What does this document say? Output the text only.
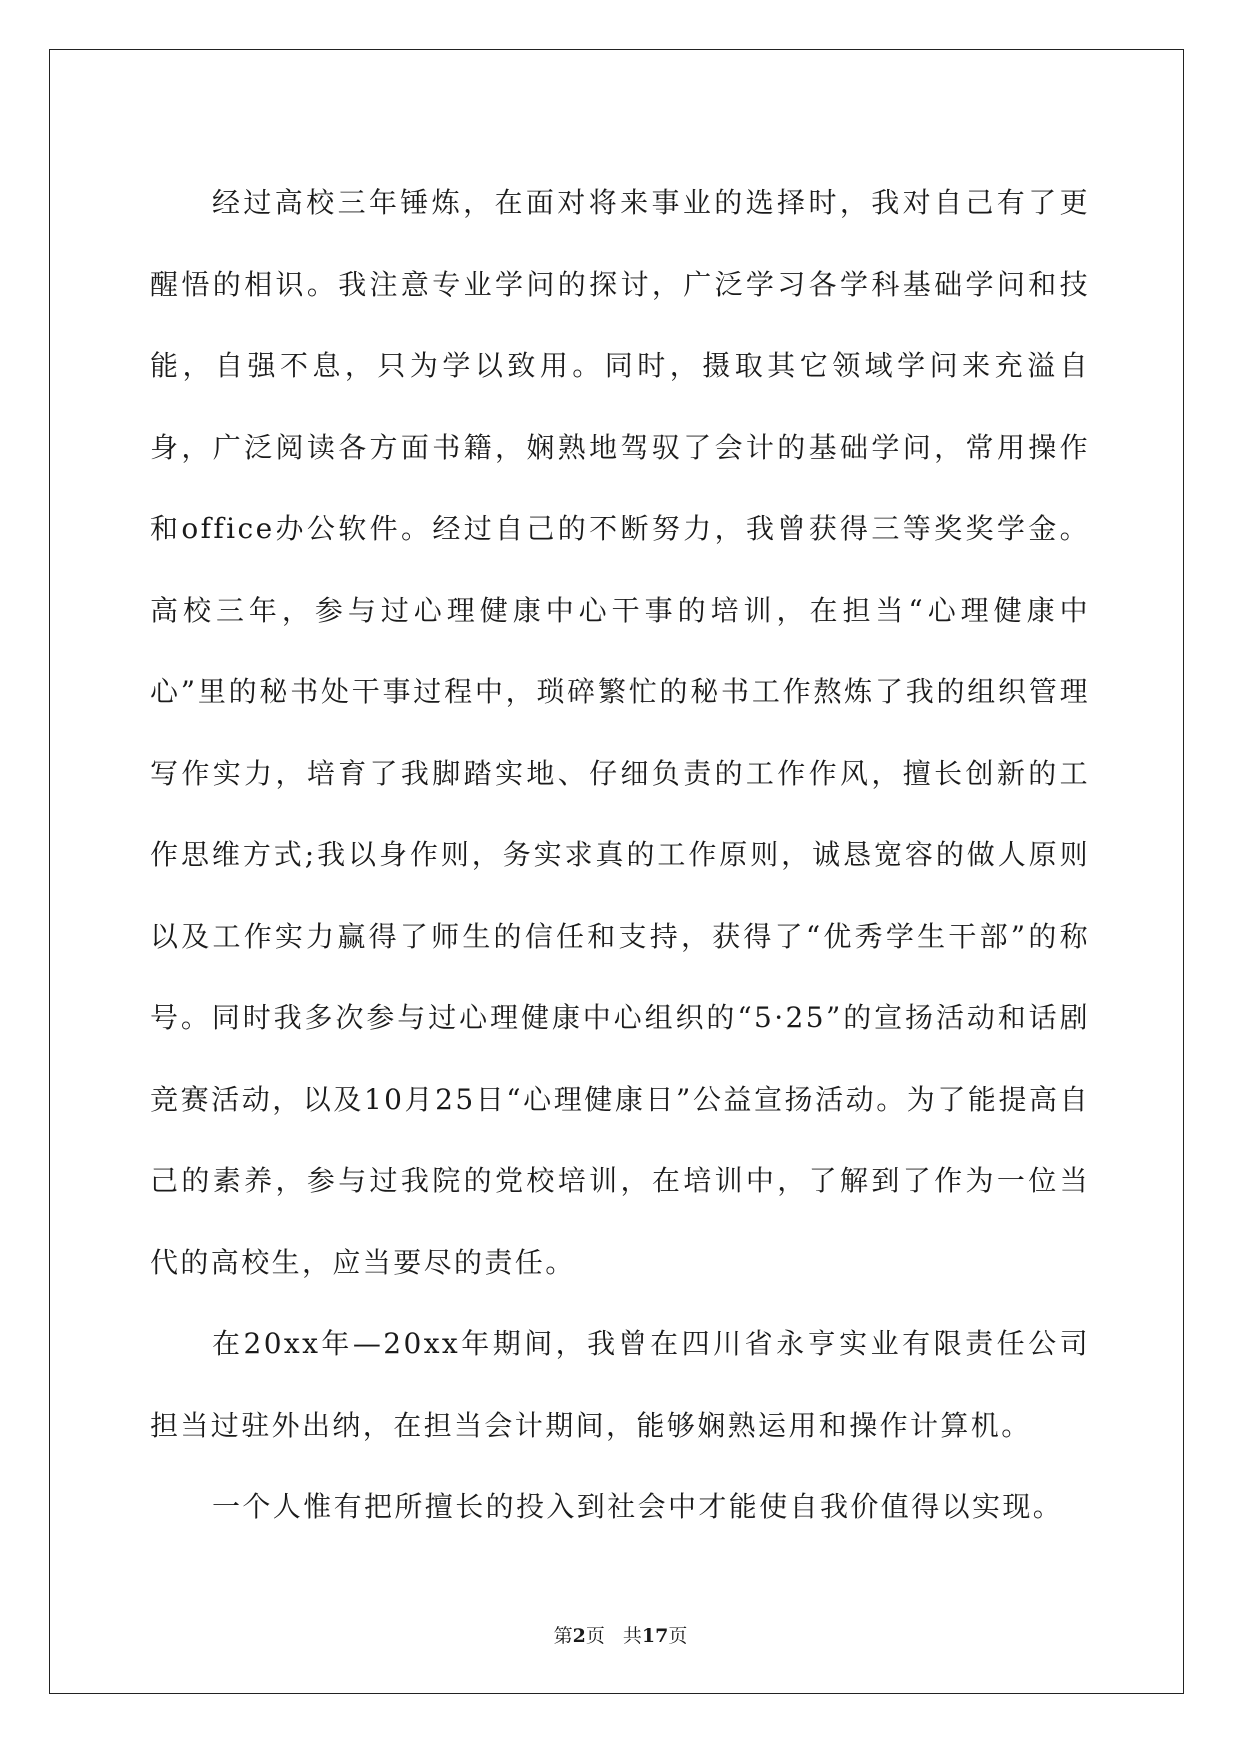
经过高校三年锤炼，在面对将来事业的选择时，我对自己有了更醒悟的相识。我注意专业学问的探讨，广泛学习各学科基础学问和技能，自强不息，只为学以致用。同时，摄取其它领域学问来充溢自身，广泛阅读各方面书籍，娴熟地驾驭了会计的基础学问，常用操作和office办公软件。经过自己的不断努力，我曾获得三等奖奖学金。高校三年，参与过心理健康中心干事的培训，在担当“心理健康中心”里的秘书处干事过程中，琐碎繁忙的秘书工作熬炼了我的组织管理写作实力，培育了我脚踏实地、仔细负责的工作作风，擅长创新的工作思维方式;我以身作则，务实求真的工作原则，诚恳宽容的做人原则以及工作实力赢得了师生的信任和支持，获得了“优秀学生干部”的称号。同时我多次参与过心理健康中心组织的“5·25”的宣扬活动和话剧竞赛活动，以及10月25日“心理健康日”公益宣扬活动。为了能提高自己的素养，参与过我院的党校培训，在培训中，了解到了作为一位当代的高校生，应当要尽的责任。

在20xx年—20xx年期间，我曾在四川省永亨实业有限责任公司担当过驻外出纳，在担当会计期间，能够娴熟运用和操作计算机。

一个人惟有把所擅长的投入到社会中才能使自我价值得以实现。

第2页 共17页
